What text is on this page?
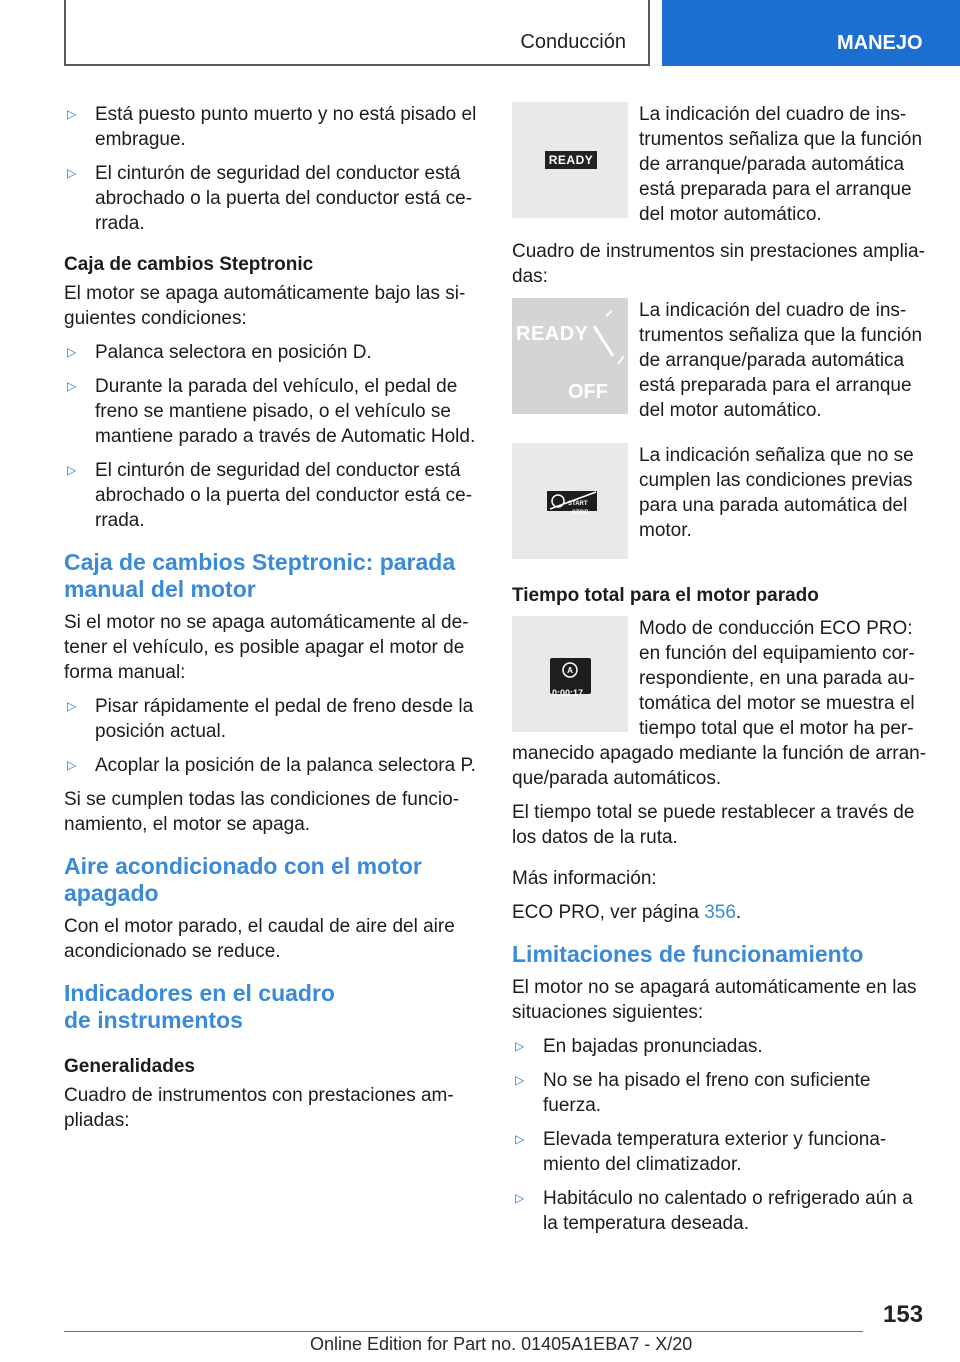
Conducción	MANEJO
▷ Está puesto punto muerto y no está pisado el embrague.
▷ El cinturón de seguridad del conductor está abrochado o la puerta del conductor está cerrada.
Caja de cambios Steptronic

El motor se apaga automáticamente bajo las siguientes condiciones:

▷ Palanca selectora en posición D.
▷ Durante la parada del vehículo, el pedal de freno se mantiene pisado, o el vehículo se mantiene parado a través de Automatic Hold.
▷ El cinturón de seguridad del conductor está abrochado o la puerta del conductor está cerrada.
Caja de cambios Steptronic: parada manual del motor

Si el motor no se apaga automáticamente al detener el vehículo, es posible apagar el motor de forma manual:

▷ Pisar rápidamente el pedal de freno desde la posición actual.
▷ Acoplar la posición de la palanca selectora P.

Si se cumplen todas las condiciones de funcionamiento, el motor se apaga.

Aire acondicionado con el motor apagado

Con el motor parado, el caudal de aire del aire acondicionado se reduce.

Indicadores en el cuadro
de instrumentos
Generalidades

Cuadro de instrumentos con prestaciones ampliadas:

READY
La indicación del cuadro de instrumentos señaliza que la función de arranque/parada automática está preparada para el arranque del motor automático.

Cuadro de instrumentos sin prestaciones ampliadas:

READY
OFF
La indicación del cuadro de instrumentos señaliza que la función de arranque/parada automática está preparada para el arranque del motor automático.
START
STOP
La indicación señaliza que no se cumplen las condiciones previas para una parada automática del motor.
Tiempo total para el motor parado
A
0:00:17
Modo de conducción ECO PRO: en función del equipamiento correspondiente, en una parada automática del motor se muestra el tiempo total que el motor ha permanecido apagado mediante la función de arranque/parada automáticos.

El tiempo total se puede restablecer a través de los datos de la ruta.

Más información:

ECO PRO, ver página 356.

Limitaciones de funcionamiento

El motor no se apagará automáticamente en las situaciones siguientes:

▷ En bajadas pronunciadas.
▷ No se ha pisado el freno con suficiente fuerza.
▷ Elevada temperatura exterior y funcionamiento del climatizador.
▷ Habitáculo no calentado o refrigerado aún a la temperatura deseada.
153
Online Edition for Part no. 01405A1EBA7 - X/20
